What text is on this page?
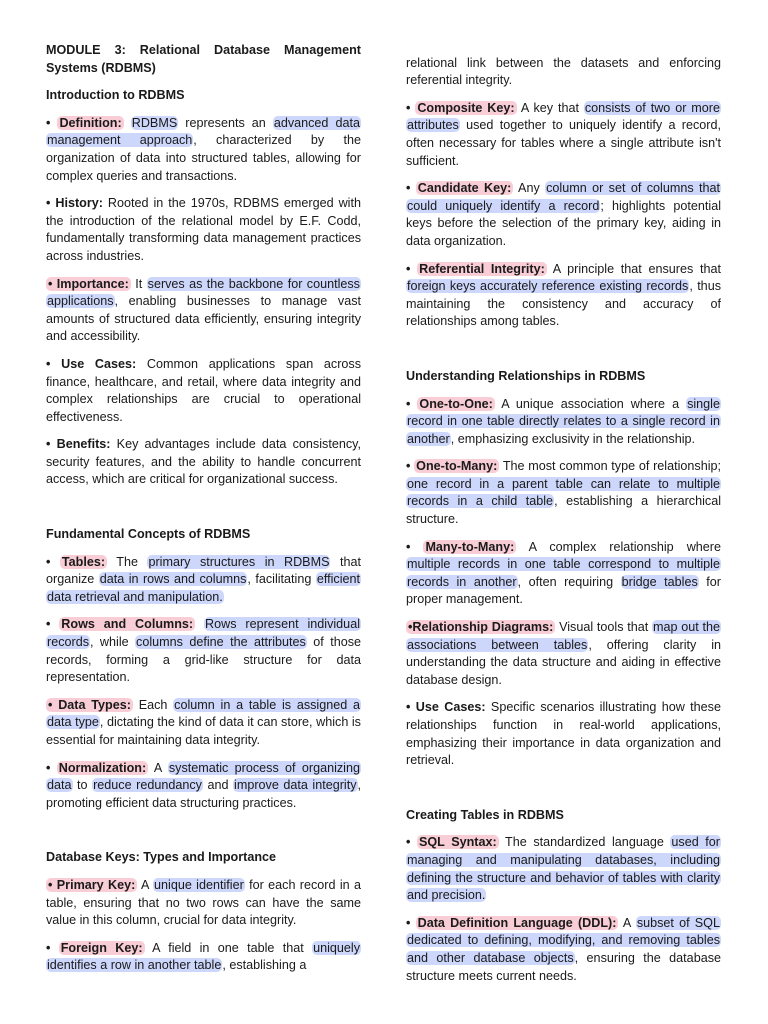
MODULE 3: Relational Database Management Systems (RDBMS)
Introduction to RDBMS

• Definition: RDBMS represents an advanced data management approach, characterized by the organization of data into structured tables, allowing for complex queries and transactions.

• History: Rooted in the 1970s, RDBMS emerged with the introduction of the relational model by E.F. Codd, fundamentally transforming data management practices across industries.

• Importance: It serves as the backbone for countless applications, enabling businesses to manage vast amounts of structured data efficiently, ensuring integrity and accessibility.

• Use Cases: Common applications span across finance, healthcare, and retail, where data integrity and complex relationships are crucial to operational effectiveness.

• Benefits: Key advantages include data consistency, security features, and the ability to handle concurrent access, which are critical for organizational success.

Fundamental Concepts of RDBMS

• Tables: The primary structures in RDBMS that organize data in rows and columns, facilitating efficient data retrieval and manipulation.

• Rows and Columns: Rows represent individual records, while columns define the attributes of those records, forming a grid-like structure for data representation.

• Data Types: Each column in a table is assigned a data type, dictating the kind of data it can store, which is essential for maintaining data integrity.

• Normalization: A systematic process of organizing data to reduce redundancy and improve data integrity, promoting efficient data structuring practices.

Database Keys: Types and Importance

• Primary Key: A unique identifier for each record in a table, ensuring that no two rows can have the same value in this column, crucial for data integrity.

• Foreign Key: A field in one table that uniquely identifies a row in another table, establishing a

relational link between the datasets and enforcing referential integrity.

• Composite Key: A key that consists of two or more attributes used together to uniquely identify a record, often necessary for tables where a single attribute isn't sufficient.

• Candidate Key: Any column or set of columns that could uniquely identify a record; highlights potential keys before the selection of the primary key, aiding in data organization.

• Referential Integrity: A principle that ensures that foreign keys accurately reference existing records, thus maintaining the consistency and accuracy of relationships among tables.

Understanding Relationships in RDBMS

• One-to-One: A unique association where a single record in one table directly relates to a single record in another, emphasizing exclusivity in the relationship.

• One-to-Many: The most common type of relationship; one record in a parent table can relate to multiple records in a child table, establishing a hierarchical structure.

• Many-to-Many: A complex relationship where multiple records in one table correspond to multiple records in another, often requiring bridge tables for proper management.

•Relationship Diagrams: Visual tools that map out the associations between tables, offering clarity in understanding the data structure and aiding in effective database design.

• Use Cases: Specific scenarios illustrating how these relationships function in real-world applications, emphasizing their importance in data organization and retrieval.

Creating Tables in RDBMS

• SQL Syntax: The standardized language used for managing and manipulating databases, including defining the structure and behavior of tables with clarity and precision.

• Data Definition Language (DDL): A subset of SQL dedicated to defining, modifying, and removing tables and other database objects, ensuring the database structure meets current needs.
